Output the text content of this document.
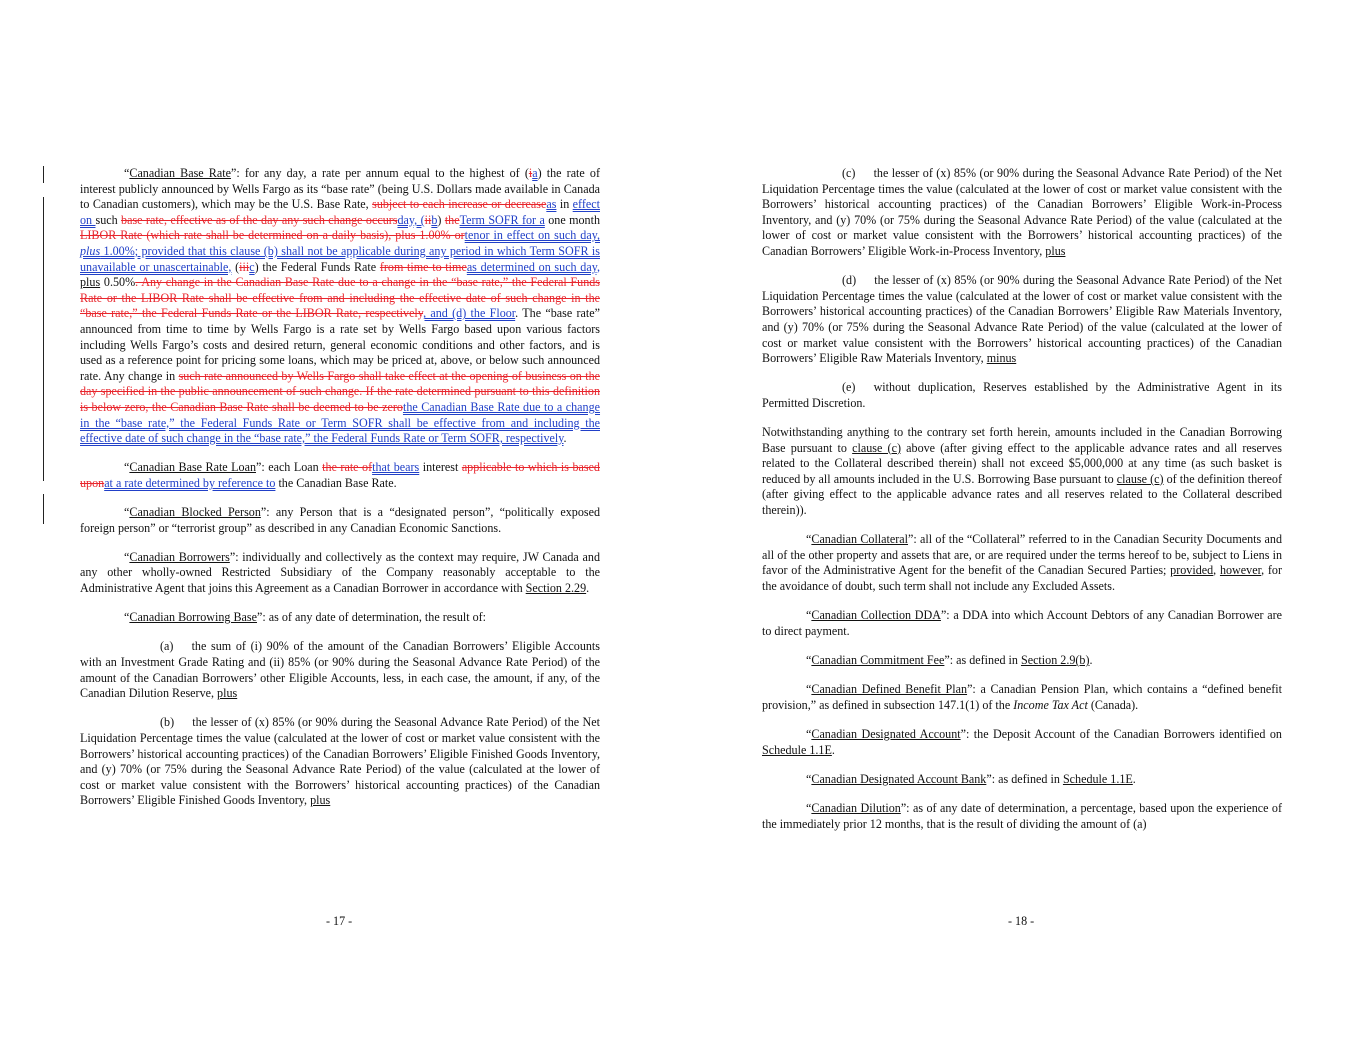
“Canadian Base Rate”: for any day, a rate per annum equal to the highest of (ia) the rate of interest publicly announced by Wells Fargo as its “base rate” (being U.S. Dollars made available in Canada to Canadian customers), which may be the U.S. Base Rate, subject to each increase or decreaseas in effect on such base rate, effective as of the day any such change occursday, (iib) theTerm SOFR for a one month LIBOR Rate (which rate shall be determined on a daily basis), plus 1.00% ortenor in effect on such day, plus 1.00%; provided that this clause (b) shall not be applicable during any period in which Term SOFR is unavailable or unascertainable, (iiic) the Federal Funds Rate from time to timeas determined on such day, plus 0.50%. Any change in the Canadian Base Rate due to a change in the “base rate,” the Federal Funds Rate or the LIBOR Rate shall be effective from and including the effective date of such change in the “base rate,” the Federal Funds Rate or the LIBOR Rate, respectively, and (d) the Floor. The “base rate” announced from time to time by Wells Fargo is a rate set by Wells Fargo based upon various factors including Wells Fargo’s costs and desired return, general economic conditions and other factors, and is used as a reference point for pricing some loans, which may be priced at, above, or below such announced rate. Any change in such rate announced by Wells Fargo shall take effect at the opening of business on the day specified in the public announcement of such change. If the rate determined pursuant to this definition is below zero, the Canadian Base Rate shall be deemed to be zerothe Canadian Base Rate due to a change in the “base rate,” the Federal Funds Rate or Term SOFR shall be effective from and including the effective date of such change in the “base rate,” the Federal Funds Rate or Term SOFR, respectively.

“Canadian Base Rate Loan”: each Loan the rate ofthat bears interest applicable to which is based uponat a rate determined by reference to the Canadian Base Rate.

“Canadian Blocked Person”: any Person that is a “designated person”, “politically exposed foreign person” or “terrorist group” as described in any Canadian Economic Sanctions.

“Canadian Borrowers”: individually and collectively as the context may require, JW Canada and any other wholly-owned Restricted Subsidiary of the Company reasonably acceptable to the Administrative Agent that joins this Agreement as a Canadian Borrower in accordance with Section 2.29.

“Canadian Borrowing Base”: as of any date of determination, the result of:

(a)  the sum of (i) 90% of the amount of the Canadian Borrowers’ Eligible Accounts with an Investment Grade Rating and (ii) 85% (or 90% during the Seasonal Advance Rate Period) of the amount of the Canadian Borrowers’ other Eligible Accounts, less, in each case, the amount, if any, of the Canadian Dilution Reserve, plus

(b)  the lesser of (x) 85% (or 90% during the Seasonal Advance Rate Period) of the Net Liquidation Percentage times the value (calculated at the lower of cost or market value consistent with the Borrowers’ historical accounting practices) of the Canadian Borrowers’ Eligible Finished Goods Inventory, and (y) 70% (or 75% during the Seasonal Advance Rate Period) of the value (calculated at the lower of cost or market value consistent with the Borrowers’ historical accounting practices) of the Canadian Borrowers’ Eligible Finished Goods Inventory, plus

(c)  the lesser of (x) 85% (or 90% during the Seasonal Advance Rate Period) of the Net Liquidation Percentage times the value (calculated at the lower of cost or market value consistent with the Borrowers’ historical accounting practices) of the Canadian Borrowers’ Eligible Work-in-Process Inventory, and (y) 70% (or 75% during the Seasonal Advance Rate Period) of the value (calculated at the lower of cost or market value consistent with the Borrowers’ historical accounting practices) of the Canadian Borrowers’ Eligible Work-in-Process Inventory, plus

(d)  the lesser of (x) 85% (or 90% during the Seasonal Advance Rate Period) of the Net Liquidation Percentage times the value (calculated at the lower of cost or market value consistent with the Borrowers’ historical accounting practices) of the Canadian Borrowers’ Eligible Raw Materials Inventory, and (y) 70% (or 75% during the Seasonal Advance Rate Period) of the value (calculated at the lower of cost or market value consistent with the Borrowers’ historical accounting practices) of the Canadian Borrowers’ Eligible Raw Materials Inventory, minus

(e)  without duplication, Reserves established by the Administrative Agent in its Permitted Discretion.

Notwithstanding anything to the contrary set forth herein, amounts included in the Canadian Borrowing Base pursuant to clause (c) above (after giving effect to the applicable advance rates and all reserves related to the Collateral described therein) shall not exceed $5,000,000 at any time (as such basket is reduced by all amounts included in the U.S. Borrowing Base pursuant to clause (c) of the definition thereof (after giving effect to the applicable advance rates and all reserves related to the Collateral described therein)).

“Canadian Collateral”: all of the “Collateral” referred to in the Canadian Security Documents and all of the other property and assets that are, or are required under the terms hereof to be, subject to Liens in favor of the Administrative Agent for the benefit of the Canadian Secured Parties; provided, however, for the avoidance of doubt, such term shall not include any Excluded Assets.

“Canadian Collection DDA”: a DDA into which Account Debtors of any Canadian Borrower are to direct payment.

“Canadian Commitment Fee”: as defined in Section 2.9(b).

“Canadian Defined Benefit Plan”: a Canadian Pension Plan, which contains a “defined benefit provision,” as defined in subsection 147.1(1) of the Income Tax Act (Canada).

“Canadian Designated Account”: the Deposit Account of the Canadian Borrowers identified on Schedule 1.1E.

“Canadian Designated Account Bank”: as defined in Schedule 1.1E.

“Canadian Dilution”: as of any date of determination, a percentage, based upon the experience of the immediately prior 12 months, that is the result of dividing the amount of (a)

- 17 -	- 18 -
